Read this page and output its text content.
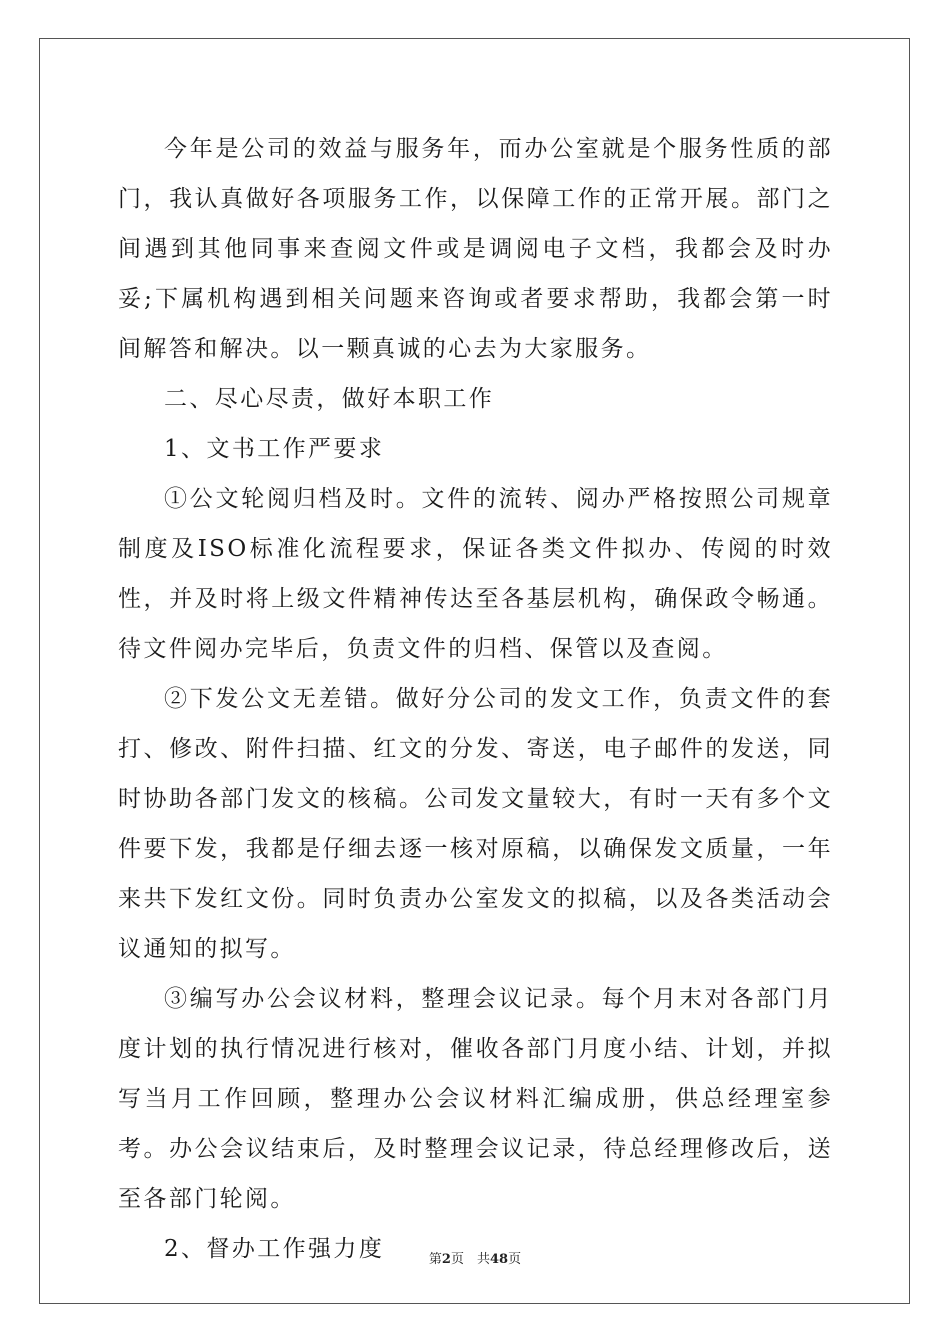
今年是公司的效益与服务年，而办公室就是个服务性质的部门，我认真做好各项服务工作，以保障工作的正常开展。部门之间遇到其他同事来查阅文件或是调阅电子文档，我都会及时办妥;下属机构遇到相关问题来咨询或者要求帮助，我都会第一时间解答和解决。以一颗真诚的心去为大家服务。

二、尽心尽责，做好本职工作

1、文书工作严要求

①公文轮阅归档及时。文件的流转、阅办严格按照公司规章制度及ISO标准化流程要求，保证各类文件拟办、传阅的时效性，并及时将上级文件精神传达至各基层机构，确保政令畅通。待文件阅办完毕后，负责文件的归档、保管以及查阅。

②下发公文无差错。做好分公司的发文工作，负责文件的套打、修改、附件扫描、红文的分发、寄送，电子邮件的发送，同时协助各部门发文的核稿。公司发文量较大，有时一天有多个文件要下发，我都是仔细去逐一核对原稿，以确保发文质量，一年来共下发红文份。同时负责办公室发文的拟稿，以及各类活动会议通知的拟写。

③编写办公会议材料，整理会议记录。每个月末对各部门月度计划的执行情况进行核对，催收各部门月度小结、计划，并拟写当月工作回顾，整理办公会议材料汇编成册，供总经理室参考。办公会议结束后，及时整理会议记录，待总经理修改后，送至各部门轮阅。

2、督办工作强力度	第2页　共48页
